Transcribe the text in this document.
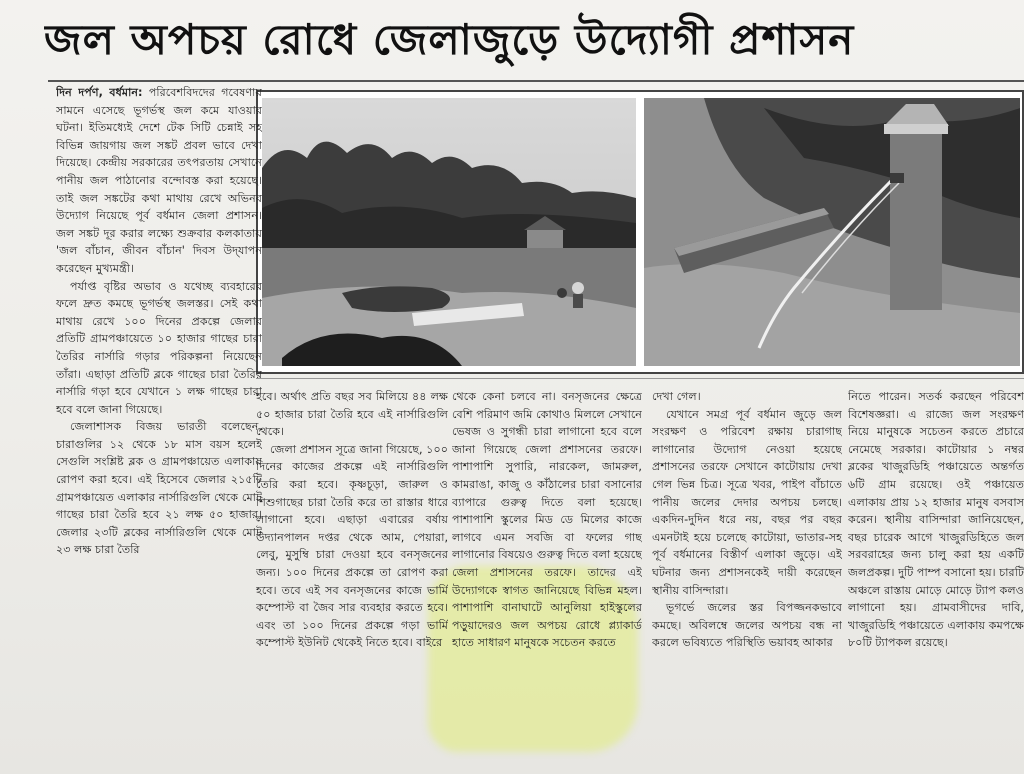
জল অপচয় রোধে জেলাজুড়ে উদ্যোগী প্রশাসন

দিন দর্পণ, বর্ধমান: পরিবেশবিদদের গবেষণায় সামনে এসেছে ভূগর্ভস্থ জল কমে যাওয়ার ঘটনা। ইতিমধ্যেই দেশে টেক সিটি চেন্নাই সহ বিভিন্ন জায়গায় জল সঙ্কট প্রবল ভাবে দেখা দিয়েছে। কেন্দ্রীয় সরকারের তৎপরতায় সেখানে পানীয় জল পাঠানোর বন্দোবস্ত করা হয়েছে। তাই জল সঙ্কটের কথা মাথায় রেখে অভিনব উদ্যোগ নিয়েছে পূর্ব বর্ধমান জেলা প্রশাসন। জল সঙ্কট দূর করার লক্ষ্যে শুক্রবার কলকাতায় 'জল বাঁচান, জীবন বাঁচান' দিবস উদ্‌যাপন করেছেন মুখ্যমন্ত্রী।

পর্যাপ্ত বৃষ্টির অভাব ও যথেচ্ছ ব্যবহারের ফলে দ্রুত কমছে ভূগর্ভস্থ জলস্তর। সেই কথা মাথায় রেখে ১০০ দিনের প্রকল্পে জেলার প্রতিটি গ্রামপঞ্চায়েতে ১০ হাজার গাছের চারা তৈরির নার্সারি গড়ার পরিকল্পনা নিয়েছেন তাঁরা। এছাড়া প্রতিটি ব্লকে গাছের চারা তৈরির নার্সারি গড়া হবে যেখানে ১ লক্ষ গাছের চারা হবে বলে জানা গিয়েছে।

জেলাশাসক বিজয় ভারতী বলেছেন, চারাগুলির ১২ থেকে ১৮ মাস বয়স হলেই সেগুলি সংশ্লিষ্ট ব্লক ও গ্রামপঞ্চায়েত এলাকায় রোপণ করা হবে। এই হিসেবে জেলার ২১৫টি গ্রামপঞ্চায়েত এলাকার নার্সারিগুলি থেকে মোট গাছের চারা তৈরি হবে ২১ লক্ষ ৫০ হাজার। জেলার ২৩টি ব্লকের নার্সারিগুলি থেকে মোট ২৩ লক্ষ চারা তৈরি

হবে। অর্থাৎ প্রতি বছর সব মিলিয়ে ৪৪ লক্ষ ৫০ হাজার চারা তৈরি হবে এই নার্সারিগুলি থেকে।

জেলা প্রশাসন সূত্রে জানা গিয়েছে, ১০০ দিনের কাজের প্রকল্পে এই নার্সারিগুলি তৈরি করা হবে। কৃষ্ণচূড়া, জারুল ও শিশুগাছের চারা তৈরি করে তা রাস্তার ধারে লাগানো হবে। এছাড়া এবারের বর্ষায় উদ্যানপালন দপ্তর থেকে আম, পেয়ারা, লেবু, মুসুম্বি চারা দেওয়া হবে বনসৃজনের জন্য। ১০০ দিনের প্রকল্পে তা রোপণ করা হবে। তবে এই সব বনসৃজনের কাজে ভার্মি কম্পোস্ট বা জৈব সার ব্যবহার করতে হবে। এবং তা ১০০ দিনের প্রকল্পে গড়া ভার্মি কম্পোস্ট ইউনিট থেকেই নিতে হবে। বাইরে

থেকে কেনা চলবে না। বনসৃজনের ক্ষেত্রে বেশি পরিমাণ জমি কোথাও মিললে সেখানে ভেষজ ও সুগন্ধী চারা লাগানো হবে বলে জানা গিয়েছে জেলা প্রশাসনের তরফে। পাশাপাশি সুপারি, নারকেল, জামরুল, কামরাঙা, কাজু ও কাঁঠালের চারা বসানোর ব্যাপারে গুরুত্ব দিতে বলা হয়েছে। পাশাপাশি স্কুলের মিড ডে মিলের কাজে লাগবে এমন সবজি বা ফলের গাছ লাগানোর বিষয়েও গুরুত্ব দিতে বলা হয়েছে জেলা প্রশাসনের তরফে। তাদের এই উদ্যোগকে স্বাগত জানিয়েছে বিভিন্ন মহল। পাশাপাশি বানাঘাটে আনুলিয়া হাইস্কুলের পড়ুয়াদেরও জল অপচয় রোধে প্ল্যাকার্ড হাতে সাধারণ মানুষকে সচেতন করতে

দেখা গেল।

যেখানে সমগ্র পূর্ব বর্ধমান জুড়ে জল সংরক্ষণ ও পরিবেশ রক্ষায় চারাগাছ লাগানোর উদ্যোগ নেওয়া হয়েছে প্রশাসনের তরফে সেখানে কাটোয়ায় দেখা গেল ভিন্ন চিত্র। সূত্রে খবর, পাইপ বাঁচাতে পানীয় জলের দেদার অপচয় চলছে। একদিন-দুদিন ধরে নয়, বছর পর বছর এমনটাই হয়ে চলেছে কাটোয়া, ভাতার-সহ পূর্ব বর্ধমানের বিস্তীর্ণ এলাকা জুড়ে। এই ঘটনার জন্য প্রশাসনকেই দায়ী করেছেন স্থানীয় বাসিন্দারা।

ভূগর্ভে জলের স্তর বিপজ্জনকভাবে কমছে। অবিলম্বে জলের অপচয় বন্ধ না করলে ভবিষ্যতে পরিস্থিতি ভয়াবহ আকার

নিতে পারেন। সতর্ক করছেন পরিবেশ বিশেষজ্ঞরা। এ রাজ্যে জল সংরক্ষণ নিয়ে মানুষকে সচেতন করতে প্রচারে নেমেছে সরকার। কাটোয়ার ১ নম্বর ব্লকের খাজুরডিহি পঞ্চায়েতে অন্তর্গত ৬টি গ্রাম রয়েছে। ওই পঞ্চায়েত এলাকায় প্রায় ১২ হাজার মানুষ বসবাস করেন। স্থানীয় বাসিন্দারা জানিয়েছেন, বছর চারেক আগে খাজুরডিহিতে জল সরবরাহের জন্য চালু করা হয় একটি জলপ্রকল্প। দুটি পাম্প বসানো হয়। চারটি অঞ্চলে রাস্তায় মোড়ে মোড়ে ট্যাপ কলও লাগানো হয়। গ্রামবাসীদের দাবি, খাজুরডিহি পঞ্চায়েতে এলাকায় কমপক্ষে ৮০টি ট্যাপকল রয়েছে।
